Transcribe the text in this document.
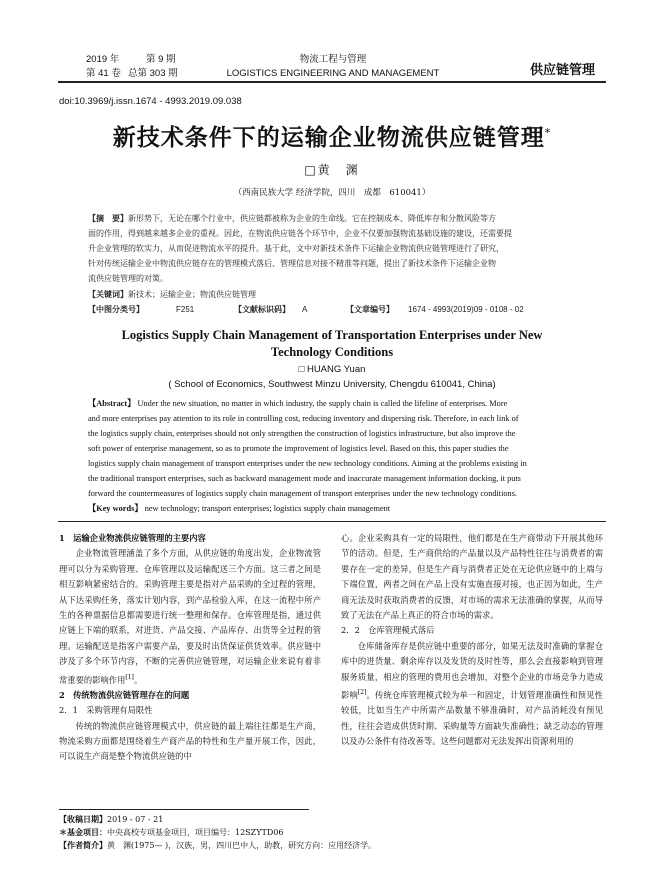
2019 年	第 9 期
第 41 卷 总第 303 期
物流工程与管理
LOGISTICS ENGINEERING AND MANAGEMENT	供应链管理
doi:10.3969/j.issn.1674 - 4993.2019.09.038
新技术条件下的运输企业物流供应链管理*
□黄　渊
（西南民族大学 经济学院，四川　成都　610041）
【摘　要】新形势下，无论在哪个行业中，供应链都被称为企业的生命线。它在控制成本、降低库存和分散风险等方
面的作用，得到越来越多企业的重视。因此，在物流供应链各个环节中，企业不仅要加强物流基础设施的建设，还需要提
升企业管理的软实力，从而促进物流水平的提升。基于此，文中对新技术条件下运输企业物流供应链管理进行了研究，
针对传统运输企业中物流供应链存在的管理模式落后、管理信息对接不精准等问题，提出了新技术条件下运输企业物
流供应链管理的对策。
【关键词】新技术；运输企业；物流供应链管理
【中图分类号】	F251	【文献标识码】 A	【文章编号】 1674 - 4993(2019)09 - 0108 - 02
Logistics Supply Chain Management of Transportation Enterprises under New
Technology Conditions
□ HUANG Yuan
( School of Economics, Southwest Minzu University, Chengdu 610041, China)
【Abstract】 Under the new situation, no matter in which industry, the supply chain is called the lifeline of enterprises. More
and more enterprises pay attention to its role in controlling cost, reducing inventory and dispersing risk. Therefore, in each link of
the logistics supply chain, enterprises should not only strengthen the construction of logistics infrastructure, but also improve the
soft power of enterprise management, so as to promote the improvement of logistics level. Based on this, this paper studies the
logistics supply chain management of transport enterprises under the new technology conditions. Aiming at the problems existing in
the traditional transport enterprises, such as backward management mode and inaccurate management information docking, it puts
forward the countermeasures of logistics supply chain management of transport enterprises under the new technology conditions.
【Key words】 new technology; transport enterprises; logistics supply chain management
1　运输企业物流供应链管理的主要内容

企业物流管理涵盖了多个方面，从供应链的角度出发，企业物流管理可以分为采购管理、仓库管理以及运输配送三个方面。这三者之间是相互影响紧密结合的。采购管理主要是指对产品采购的全过程的管理，从下达采购任务，落实计划内容，到产品检验入库，在这一流程中所产生的各种票据信息都需要进行统一整理和保存。仓库管理是指，通过供应链上下端的联系，对进货、产品交接、产品库存、出货等全过程的管理。运输配送是指客户需要产品，要及时出货保证供货效率。供应链中涉及了多个环节内容，不断的完善供应链管理，对运输企业来说有着非常重要的影响作用[1]。

2　传统物流供应链管理存在的问题
2．1　采购管理有局限性

传统的物流供应链管理模式中，供应链的最上端往往都是生产商，物流采购方面都是围绕着生产商产品的特性和生产量开展工作，因此，可以说生产商是整个物流供应链的中

心。企业采购具有一定的局限性，他们都是在生产商带动下开展其他环节的活动。但是，生产商供给的产品量以及产品特性往往与消费者的需要存在一定的差异，但是生产商与消费者正处在无论供应链中的上端与下端位置，两者之间在产品上没有实施直接对接，也正因为如此，生产商无法及时获取消费者的反馈，对市场的需求无法准确的掌握，从而导致了无法在产品上真正的符合市场的需求。

2．2　仓库管理模式落后

仓库储备库存是供应链中重要的部分，如果无法及时准确的掌握仓库中的进货量、剩余库存以及发货的及时性等，那么会直接影响到管理服务质量，相应的管理的费用也会增加，对整个企业的市场竞争力造成影响[2]。传统仓库管理模式较为单一和固定，计划管理准确性和预见性较低，比如当生产中所需产品数量不够准确时，对产品消耗没有预见性，往往会造成供货时期、采购量等方面缺失准确性；缺乏动态的管理以及办公条件有待改善等。这些问题都对无法发挥出资源利用的

【收稿日期】2019 - 07 - 21
＊基金项目：中央高校专项基金项目，项目编号：12SZYTD06
【作者简介】黄　渊(1975— )，汉族，男，四川巴中人，助教，研究方向：应用经济学。
